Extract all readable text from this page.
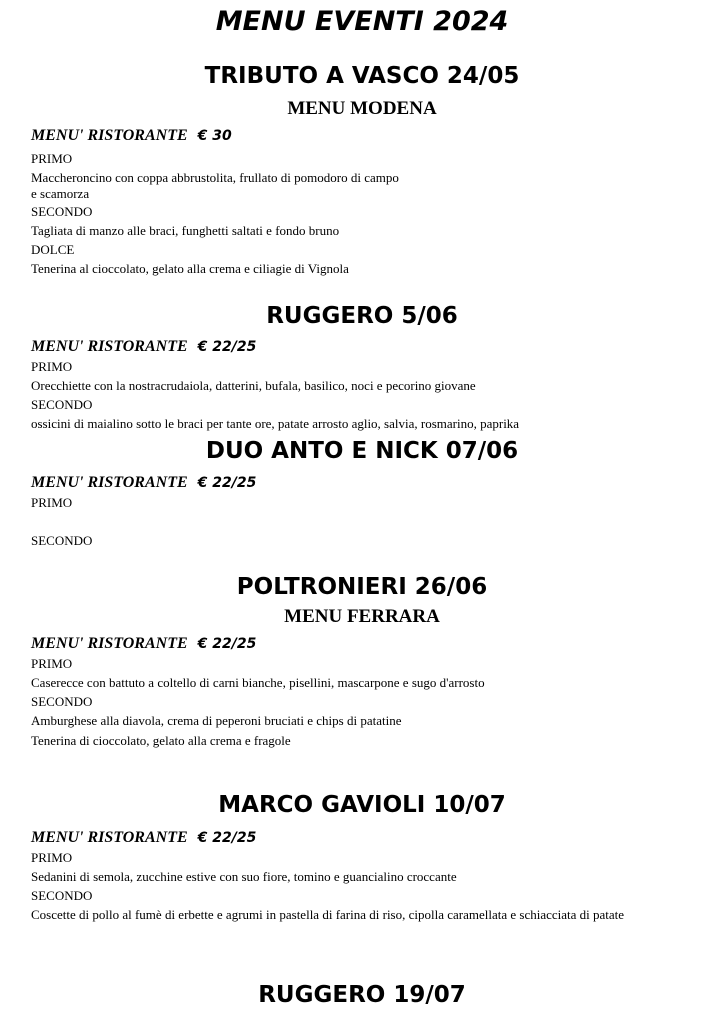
MENU EVENTI 2024
TRIBUTO A VASCO 24/05
MENU MODENA
MENU' RISTORANTE € 30
PRIMO
Maccheroncino con coppa abbrustolita, frullato di pomodoro di campo
e scamorza
SECONDO
Tagliata di manzo alle braci, funghetti saltati e fondo bruno
DOLCE
Tenerina al cioccolato, gelato alla crema e ciliagie di Vignola
RUGGERO 5/06
MENU' RISTORANTE € 22/25
PRIMO
Orecchiette con la nostracrudaiola, datterini, bufala, basilico, noci e pecorino giovane
SECONDO
ossicini di maialino sotto le braci per tante ore, patate arrosto aglio, salvia, rosmarino, paprika
DUO ANTO E NICK 07/06
MENU' RISTORANTE € 22/25
PRIMO
SECONDO
POLTRONIERI 26/06
MENU FERRARA
MENU' RISTORANTE € 22/25
PRIMO
Caserecce con battuto a coltello di carni bianche, pisellini, mascarpone e sugo d'arrosto
SECONDO
Amburghese alla diavola, crema di peperoni bruciati e chips di patatine
Tenerina di cioccolato, gelato alla crema e fragole
MARCO GAVIOLI 10/07
MENU' RISTORANTE € 22/25
PRIMO
Sedanini di semola, zucchine estive con suo fiore, tomino e guancialino croccante
SECONDO
Coscette di pollo al fumè di erbette e agrumi in pastella di farina di riso, cipolla caramellata e schiacciata di patate
RUGGERO 19/07
